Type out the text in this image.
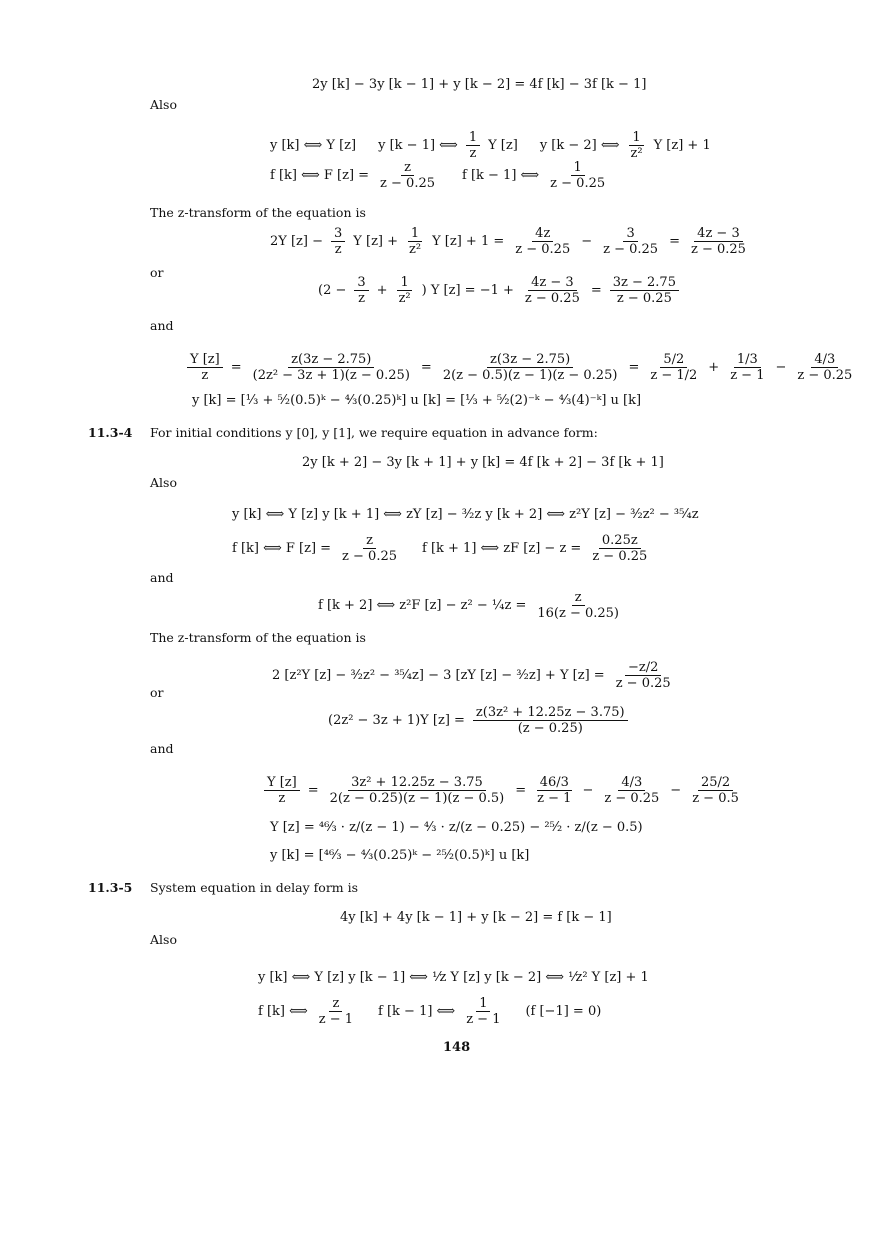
2y [k] − 3y [k − 1] + y [k − 2] = 4f [k] − 3f [k − 1]
Also
y [k] ⟺ Y [z] y [k − 1] ⟺ $\frac{1}{z}$ Y [z] y [k − 2] ⟺ $\frac{1}{\text{z²}}$ Y [z] + 1
f [k] ⟺ F $[z] = \frac{z}{z - 0.25}$ f [k − 1] ⟺ $\frac{1}{z - 0.25}$
The z-transform of the equation is
2Y $[z] - \frac{3}{z}$ Y $[z] + \frac{1}{\text{z²}}$ Y $[z] + 1 = \frac{4z}{z - 0.25} - \frac{3}{z - 0.25} = \frac{4z - 3}{z - 0.25}$
or
($2 - \frac{3}{z} + \frac{1}{\text{z²}}$ ) Y $[z] = -1 + \frac{4z - 3}{z - 0.25} = \frac{3z - 2.75}{z - 0.25}$
and
$\frac{Y [z]}{z} = \frac{z(3z - 2.75)}{\text{(2z² − 3z + 1)(z − 0.25)}} = \frac{z(3z - 2.75)}{2(z - 0.5)(z - 1)(z - 0.25)} = \frac{5/2}{z - 1/2} + \frac{1/3}{z - 1} - \frac{4/3}{z - 0.25}$
y [k] = [⅓ + ⁵⁄₂(0.5)ᵏ − ⁴⁄₃(0.25)ᵏ] u [k] = [⅓ + ⁵⁄₂(2)⁻ᵏ − ⁴⁄₃(4)⁻ᵏ] u [k]
11.3-4 For initial conditions y [0], y [1], we require equation in advance form:
2y [k + 2] − 3y [k + 1] + y [k] = 4f [k + 2] − 3f [k + 1]
Also
y [k] ⟺ Y [z] y [k + 1] ⟺ zY [z] − ³⁄₂z y [k + 2] ⟺ z²Y [z] − ³⁄₂z² − ³⁵⁄₄z
f [k] ⟺ F $[z] = \frac{z}{z - 0.25}$ f [k + 1] ⟺ zF $[z] - z = \frac{0.25z}{z - 0.25}$
and
f [k + 2] ⟺ z²F [z] − z² − ¼z = $\frac{z}{16(z - 0.25)}$
The z-transform of the equation is
2 [z²Y [z] − ³⁄₂z² − ³⁵⁄₄z] − 3 [zY [z] − ³⁄₂z] + Y $[z] = \frac{-z/2}{z - 0.25}$
or
(2z² − 3z + 1)Y $[z] = \frac{\text{z(3z² + 12.25z − 3.75)}}{(z - 0.25)}$
and
$\frac{Y [z]}{z} = \frac{\text{3z² + 12.25z − 3.75}}{2(z - 0.25)(z - 1)(z - 0.5)} = \frac{46/3}{z - 1} - \frac{4/3}{z - 0.25} - \frac{25/2}{z - 0.5}$
Y [z] = ⁴⁶⁄₃ · z/(z − 1) − ⁴⁄₃ · z/(z − 0.25) − ²⁵⁄₂ · z/(z − 0.5)
y [k] = [⁴⁶⁄₃ − ⁴⁄₃(0.25)ᵏ − ²⁵⁄₂(0.5)ᵏ] u [k]
11.3-5 System equation in delay form is
4y [k] + 4y [k − 1] + y [k − 2] = f [k − 1]
Also
y [k] ⟺ Y [z] y [k − 1] ⟺ ¹⁄z Y [z] y [k − 2] ⟺ ¹⁄z² Y [z] + 1
f [k] ⟺ $\frac{z}{z - 1}$ f [k − 1] ⟺ $\frac{1}{z - 1} (f$ [−1] = 0)
148
